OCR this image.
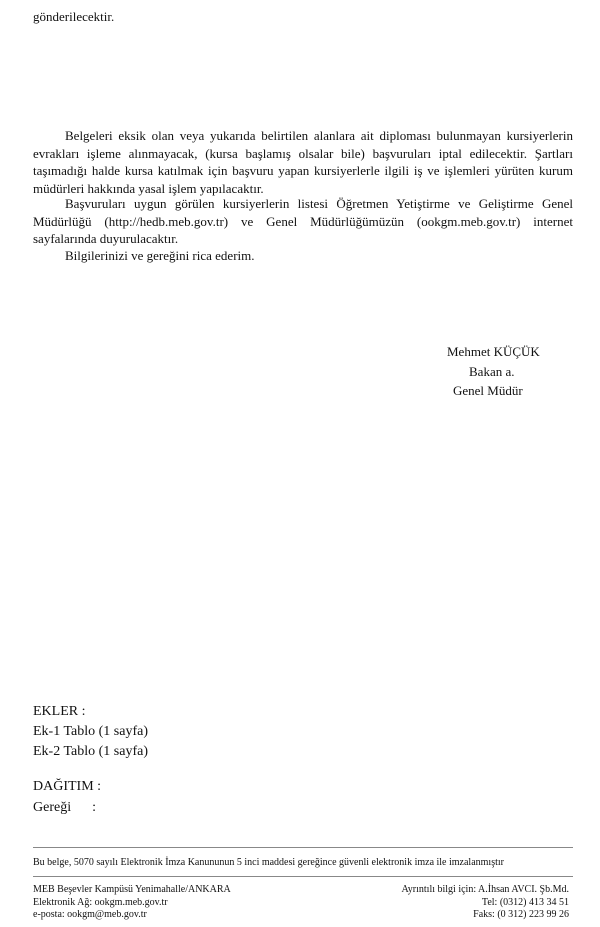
gönderilecektir.

Belgeleri eksik olan veya yukarıda belirtilen alanlara ait diploması bulunmayan kursiyerlerin evrakları işleme alınmayacak, (kursa başlamış olsalar bile) başvuruları iptal edilecektir. Şartları taşımadığı halde kursa katılmak için başvuru yapan kursiyerlerle ilgili iş ve işlemleri yürüten kurum müdürleri hakkında yasal işlem yapılacaktır.

Başvuruları uygun görülen kursiyerlerin listesi Öğretmen Yetiştirme ve Geliştirme Genel Müdürlüğü (http://hedb.meb.gov.tr) ve Genel Müdürlüğümüzün (ookgm.meb.gov.tr) internet sayfalarında duyurulacaktır.

Bilgilerinizi ve gereğini rica ederim.

Mehmet KÜÇÜK
Bakan a.
Genel Müdür
EKLER :
Ek-1 Tablo (1 sayfa)
Ek-2 Tablo (1 sayfa)
DAĞITIM :
Gereği      :
Bu belge, 5070 sayılı Elektronik İmza Kanununun 5 inci maddesi gereğince güvenli elektronik imza ile imzalanmıştır
MEB Beşevler Kampüsü Yenimahalle/ANKARA
Elektronik Ağ: ookgm.meb.gov.tr
e-posta: ookgm@meb.gov.tr
Ayrıntılı bilgi için: A.İhsan AVCI. Şb.Md.
Tel: (0312) 413 34 51
Faks: (0 312) 223 99 26
